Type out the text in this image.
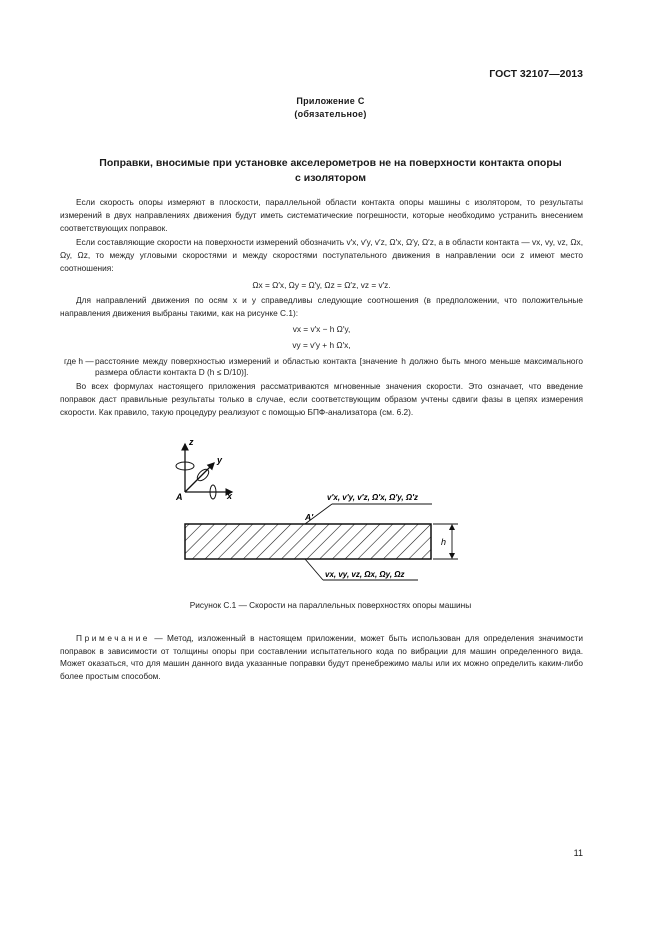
ГОСТ 32107—2013
Приложение С
(обязательное)
Поправки, вносимые при установке акселерометров не на поверхности контакта опоры
с изолятором

Если скорость опоры измеряют в плоскости, параллельной области контакта опоры машины с изолятором, то результаты измерений в двух направлениях движения будут иметь систематические погрешности, которые необходимо устранить внесением соответствующих поправок.

Если составляющие скорости на поверхности измерений обозначить v′x, v′y, v′z, Ω′x, Ω′y, Ω′z, а в области контакта — vx, vy, vz, Ωx, Ωy, Ωz, то между угловыми скоростями и между скоростями поступательного движения в направлении оси z имеют место соотношения:

Ωx = Ω′x, Ωy = Ω′y, Ωz = Ω′z, vz = v′z.

Для направлений движения по осям x и y справедливы следующие соотношения (в предположении, что положительные направления движения выбраны такими, как на рисунке С.1):

vx = v′x − h Ω′y,
vy = v′y + h Ω′x,
где h — расстояние между поверхностью измерений и областью контакта [значение h должно быть много меньше максимального размера области контакта D (h ≤ D/10)].

Во всех формулах настоящего приложения рассматриваются мгновенные значения скорости. Это означает, что введение поправок даст правильные результаты только в случае, если соответствующим образом учтены сдвиги фазы в цепях измерения скорости. Как правило, такую процедуру реализуют с помощью БПФ-анализатора (см. 6.2).

z
y
x
A
h
v′x, v′y, v′z, Ω′x, Ω′y, Ω′z
A′
vx, vy, vz, Ωx, Ωy, Ωz
Рисунок С.1 — Скорости на параллельных поверхностях опоры машины
Примечание — Метод, изложенный в настоящем приложении, может быть использован для определения значимости поправок в зависимости от толщины опоры при составлении испытательного кода по вибрации для машин определенного вида. Может оказаться, что для машин данного вида указанные поправки будут пренебрежимо малы или их можно определить каким-либо более простым способом.
11
